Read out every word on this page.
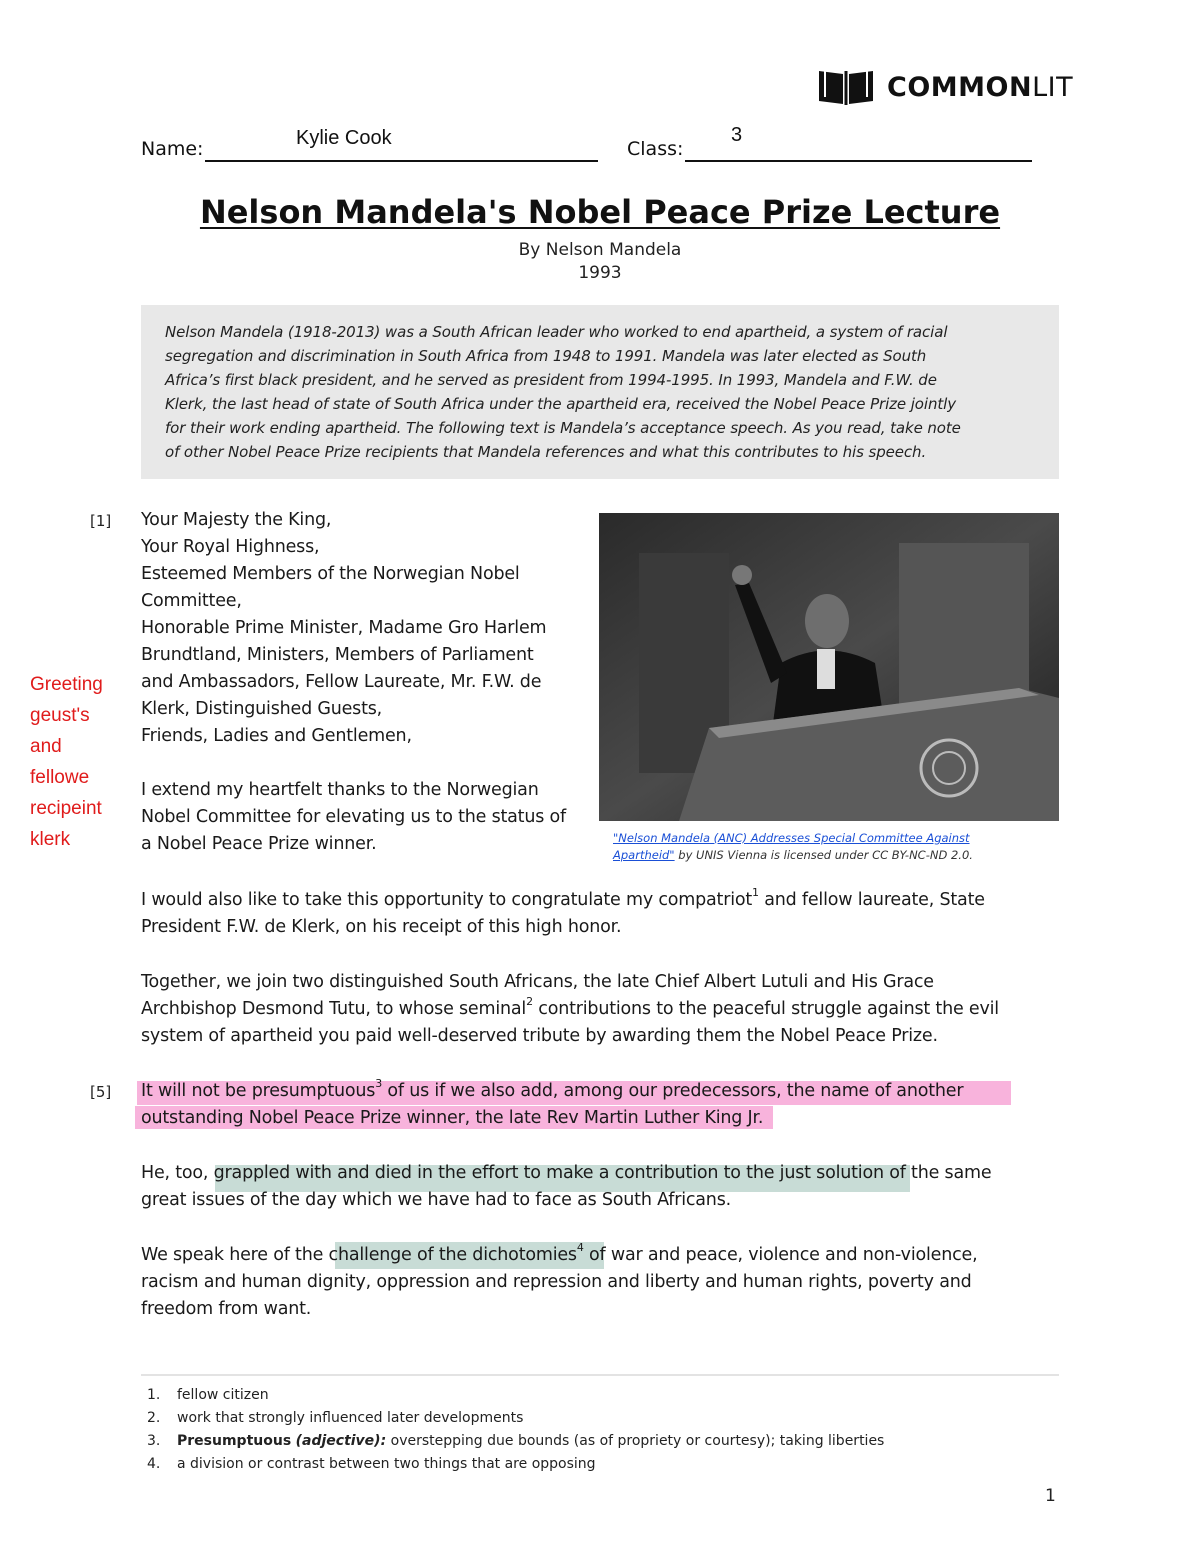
COMMONLIT
Name:	Kylie Cook	Class:
3
Nelson Mandela's Nobel Peace Prize Lecture
By Nelson Mandela
1993

Nelson Mandela (1918-2013) was a South African leader who worked to end apartheid, a system of racial

segregation and discrimination in South Africa from 1948 to 1991. Mandela was later elected as South

Africa’s first black president, and he served as president from 1994-1995. In 1993, Mandela and F.W. de

Klerk, the last head of state of South Africa under the apartheid era, received the Nobel Peace Prize jointly

for their work ending apartheid. The following text is Mandela’s acceptance speech. As you read, take note

of other Nobel Peace Prize recipients that Mandela references and what this contributes to his speech.

[1]
[5]
Your Majesty the King,
Your Royal Highness,
Esteemed Members of the Norwegian Nobel
Committee,
Honorable Prime Minister, Madame Gro Harlem
Brundtland, Ministers, Members of Parliament
and Ambassadors, Fellow Laureate, Mr. F.W. de
Klerk, Distinguished Guests,
Friends, Ladies and Gentlemen,
I extend my heartfelt thanks to the Norwegian
Nobel Committee for elevating us to the status of
a Nobel Peace Prize winner.	"Nelson Mandela (ANC) Addresses Special Committee Against
Apartheid" by UNIS Vienna is licensed under CC BY-NC-ND 2.0.
Greeting
geust's
and
fellowe
recipeint
klerk
I would also like to take this opportunity to congratulate my compatriot$^1$ and fellow laureate, State
President F.W. de Klerk, on his receipt of this high honor.
Together, we join two distinguished South Africans, the late Chief Albert Lutuli and His Grace
Archbishop Desmond Tutu, to whose seminal$^2$ contributions to the peaceful struggle against the evil
system of apartheid you paid well-deserved tribute by awarding them the Nobel Peace Prize.
It will not be presumptuous$^3$ of us if we also add, among our predecessors, the name of another
outstanding Nobel Peace Prize winner, the late Rev Martin Luther King Jr.
He, too, grappled with and died in the effort to make a contribution to the just solution of the same
great issues of the day which we have had to face as South Africans.
We speak here of the challenge of the dichotomies$^4$ of war and peace, violence and non-violence,
racism and human dignity, oppression and repression and liberty and human rights, poverty and
freedom from want.
1. fellow citizen
2. work that strongly influenced later developments
3. Presumptuous (adjective): overstepping due bounds (as of propriety or courtesy); taking liberties
4. a division or contrast between two things that are opposing
1
